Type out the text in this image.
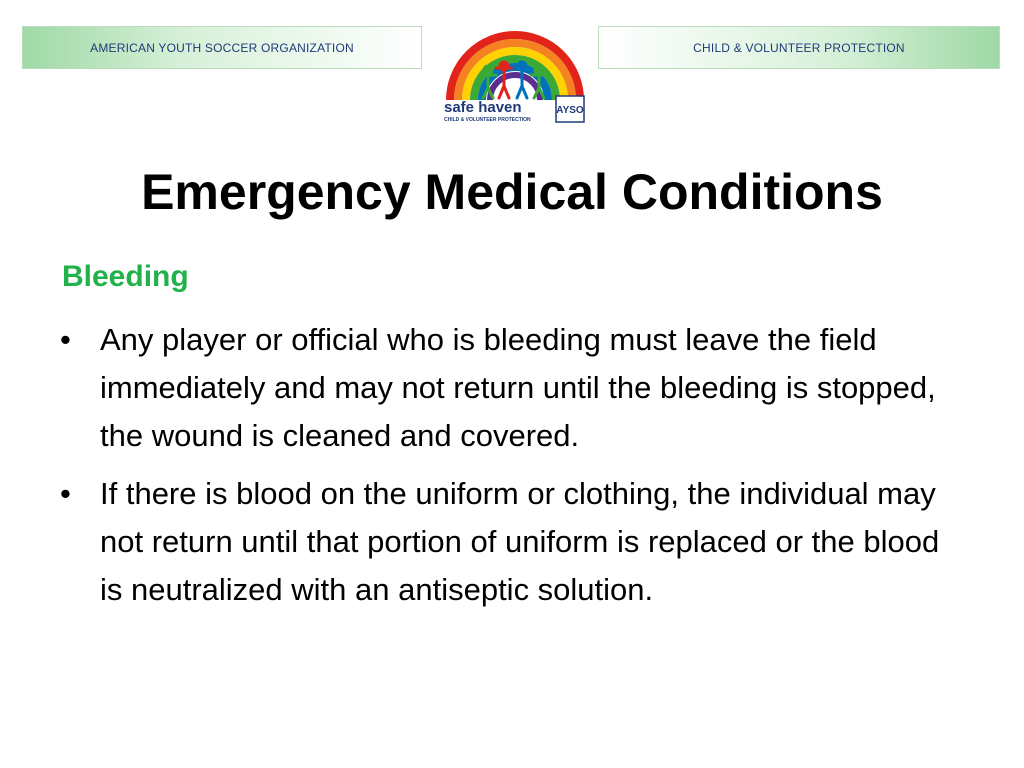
AMERICAN YOUTH SOCCER ORGANIZATION
safe haven
CHILD & VOLUNTEER PROTECTION
AYSO
CHILD & VOLUNTEER PROTECTION
Emergency Medical Conditions
Bleeding
• Any player or official who is bleeding must leave the field immediately and may not return until the bleeding is stopped, the wound is cleaned and covered.
• If there is blood on the uniform or clothing, the individual may not return until that portion of uniform is replaced or the blood is neutralized with an antiseptic solution.
